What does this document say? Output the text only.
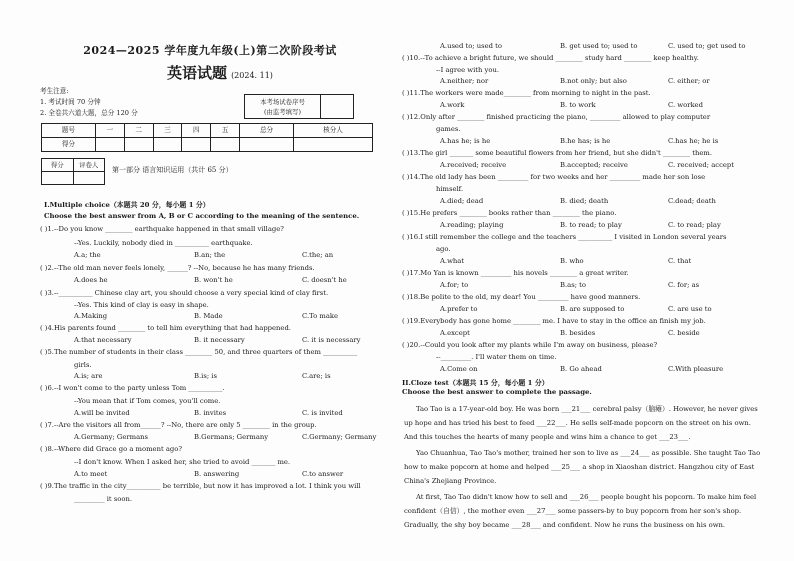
2024—2025 学年度九年级(上)第二次阶段考试
英语试题 (2024. 11)
考生注意:
1. 考试时间 70 分钟
2. 全卷共六道大题，总分 120 分
本考场试卷序号
(由监考填写)
题号	一	二	三	四	五	总分	核分人
得分							
得分	评卷人
第一部分 语言知识运用（共计 65 分）
I.Multiple choice（本题共 20 分，每小题 1 分）
Choose the best answer from A, B or C according to the meaning of the sentence.
( )1.--Do you know ________ earthquake happened in that small village?
--Yes. Luckily, nobody died in __________ earthquake.
( )2.--The old man never feels lonely, ______? --No, because he has many friends.
( )3.--__________ Chinese clay art, you should choose a very special kind of clay first.
--Yes. This kind of clay is easy in shape.
( )4.His parents found ________ to tell him everything that had happened.
( )5.The number of students in their class ________ 50, and three quarters of them __________
girls.
( )6.--I won't come to the party unless Tom __________.
--You mean that if Tom comes, you'll come.
( )7.--Are the visitors all from______? --No, there are only 5 ________ in the group.
( )8.--Where did Grace go a moment ago?
--I don't know. When I asked her, she tried to avoid _______ me.
( )9.The traffic in the city__________ be terrible, but now it has improved a lot. I think you will
_________ it soon.
A.a; the	B.an; the	C.the; an
A.does he	B. won't he	C. doesn't he
A.Making	B. Made	C.To make
A.that necessary	B. it necessary	C. it is necessary
A.is; are	B.is; is	C.are; is
A.will be invited	B. invites	C. is invited
A.Germany; Germans	B.Germans; Germany	C.Germany; Germany
A.to meet	B. answering	C.to answer
( )10.--To achieve a bright future, we should ________ study hard ________ keep healthy.
--I agree with you.
( )11.The workers were made________ from morning to night in the past.
( )12.Only after ________ finished practicing the piano, _________ allowed to play computer
games.
( )13.The girl _______ some beautiful flowers from her friend, but she didn't ________ them.
( )14.The old lady has been _________ for two weeks and her _________ made her son lose
himself.
( )15.He prefers ________ books rather than ________ the piano.
( )16.I still remember the college and the teachers __________ I visited in London several years
ago.
( )17.Mo Yan is known _________ his novels ________ a great writer.
( )18.Be polite to the old, my dear! You _________ have good manners.
( )19.Everybody has gone home ________ me. I have to stay in the office an finish my job.
( )20.--Could you look after my plants while I'm away on business, please?
--_________. I'll water them on time.
A.used to; used to	B. get used to; used to	C. used to; get used to
A.neither; nor	B.not only; but also	C. either; or
A.work	B. to work	C. worked
A.has he; is he	B.he has; is he	C.has he; he is
A.received; receive	B.accepted; receive	C. received; accept
A.died; dead	B. died; death	C.dead; death
A.reading; playing	B. to read; to play	C. to read; play
A.what	B. who	C. that
A.for; to	B.as; to	C. for; as
A.prefer to	B. are supposed to	C. are use to
A.except	B. besides	C. beside
A.Come on	B. Go ahead	C.With pleasure
II.Cloze test（本题共 15 分，每小题 1 分）
Choose the best answer to complete the passage.
Tao Tao is a 17-year-old boy. He was born ___21___ cerebral palsy（脑瘫）. However, he never gives up hope and has tried his best to feed ___22___. He sells self-made popcorn on the street on his own. And this touches the hearts of many people and wins him a chance to get ___23___.
Yao Chuanhua, Tao Tao's mother, trained her son to live as ___24___ as possible. She taught Tao Tao how to make popcorn at home and helped ___25___ a shop in Xiaoshan district. Hangzhou city of East China's Zhejiang Province.
At first, Tao Tao didn't know how to sell and ___26___ people bought his popcorn. To make him feel confident（自信）, the mother even ___27___ some passers-by to buy popcorn from her son's shop. Gradually, the shy boy became ___28___ and confident. Now he runs the business on his own.
